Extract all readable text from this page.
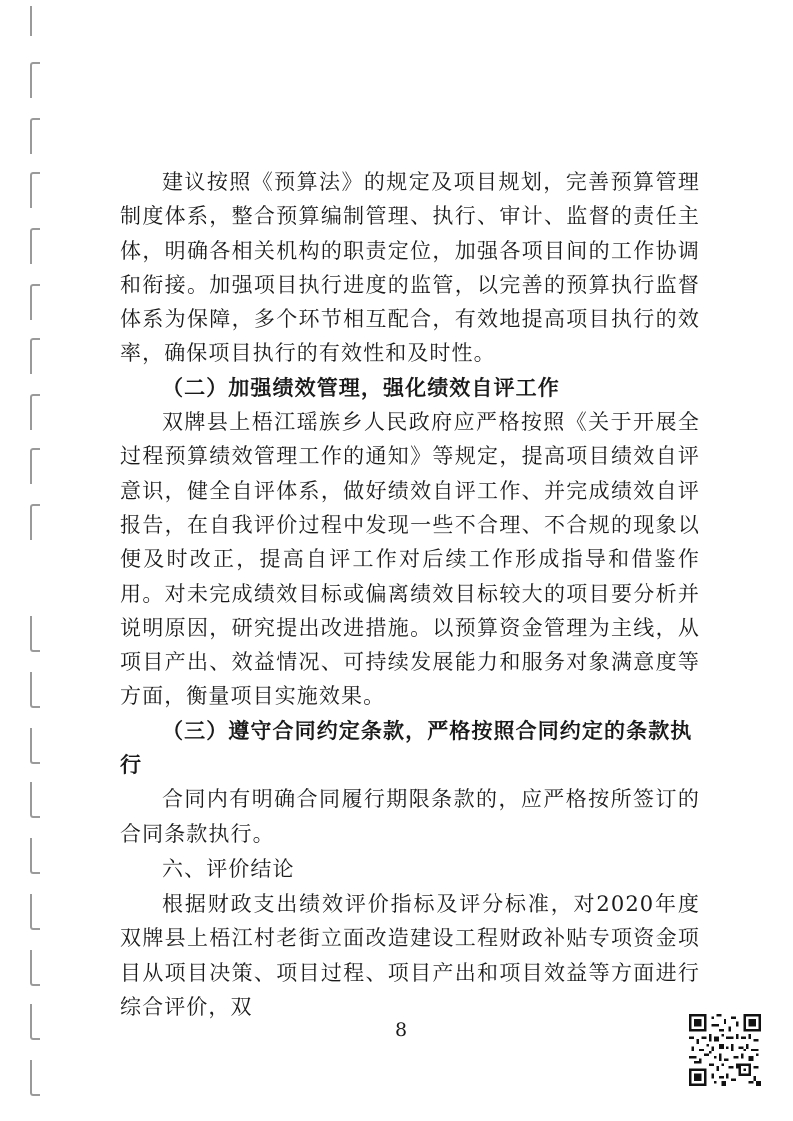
建议按照《预算法》的规定及项目规划，完善预算管理制度体系，整合预算编制管理、执行、审计、监督的责任主体，明确各相关机构的职责定位，加强各项目间的工作协调和衔接。加强项目执行进度的监管，以完善的预算执行监督体系为保障，多个环节相互配合，有效地提高项目执行的效率，确保项目执行的有效性和及时性。

（二）加强绩效管理，强化绩效自评工作

双牌县上梧江瑶族乡人民政府应严格按照《关于开展全过程预算绩效管理工作的通知》等规定，提高项目绩效自评意识，健全自评体系，做好绩效自评工作、并完成绩效自评报告，在自我评价过程中发现一些不合理、不合规的现象以便及时改正，提高自评工作对后续工作形成指导和借鉴作用。对未完成绩效目标或偏离绩效目标较大的项目要分析并说明原因，研究提出改进措施。以预算资金管理为主线，从项目产出、效益情况、可持续发展能力和服务对象满意度等方面，衡量项目实施效果。

（三）遵守合同约定条款，严格按照合同约定的条款执行

合同内有明确合同履行期限条款的，应严格按所签订的合同条款执行。

六、评价结论

根据财政支出绩效评价指标及评分标准，对2020年度双牌县上梧江村老街立面改造建设工程财政补贴专项资金项目从项目决策、项目过程、项目产出和项目效益等方面进行综合评价，双

8
